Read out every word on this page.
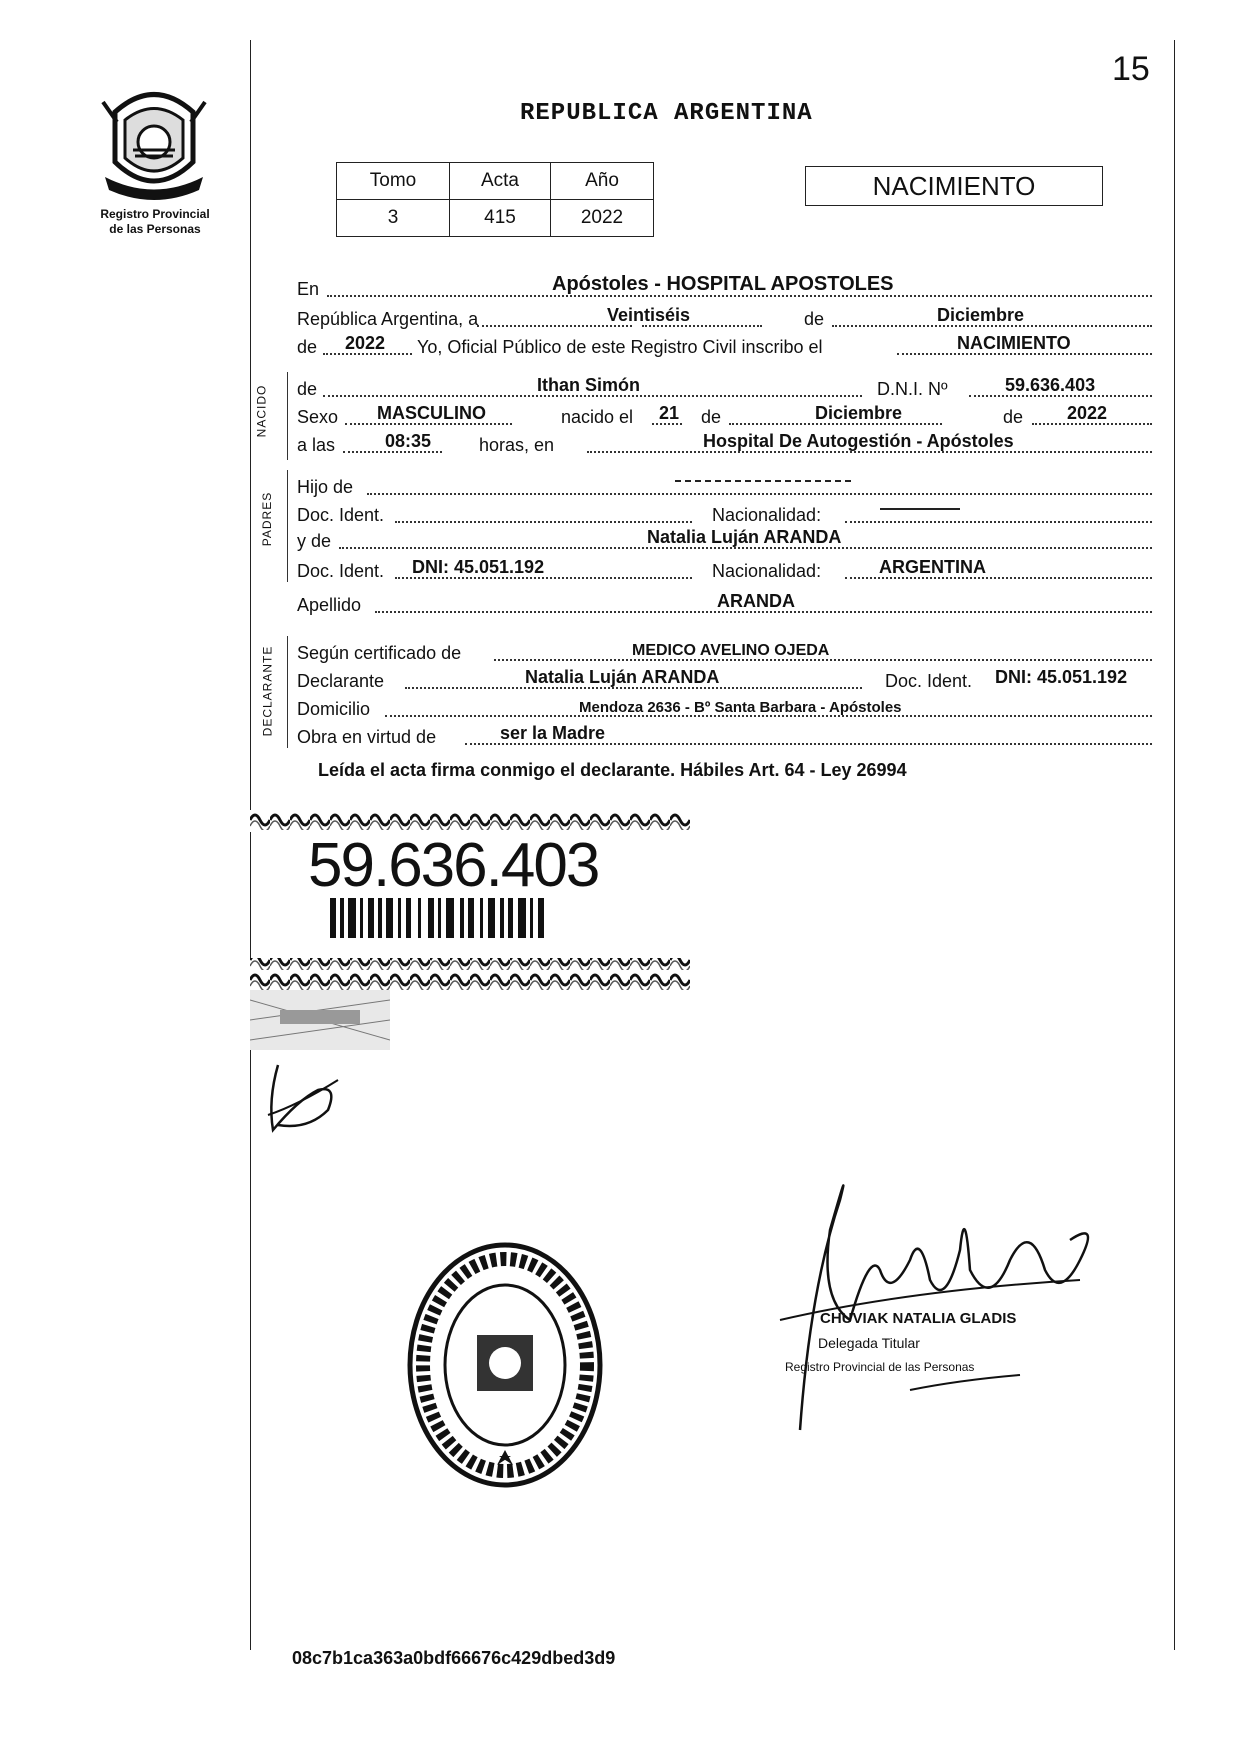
15
Registro Provincial
de las Personas
REPUBLICA ARGENTINA
Tomo	Acta	Año
3	415	2022
NACIMIENTO
En	Apóstoles - HOSPITAL APOSTOLES
República Argentina, a	Veintiséis	de	Diciembre
de 2022 Yo, Oficial Público de este Registro Civil inscribo el	NACIMIENTO
NACIDO de	Ithan Simón	D.N.I. Nº	59.636.403
Sexo MASCULINO	nacido el 21 de	Diciembre	de 2022
a las	08:35	horas, en	Hospital De Autogestión - Apóstoles
PADRES
Hijo de
Doc. Ident.	Nacionalidad:
y de	Natalia Luján ARANDA
Doc. Ident. DNI: 45.051.192	Nacionalidad:	ARGENTINA
Apellido	ARANDA
DECLARANTE Según certificado de	MEDICO AVELINO OJEDA
Declarante	Natalia Luján ARANDA	Doc. Ident. DNI: 45.051.192
Domicilio	Mendoza 2636 - Bº Santa Barbara - Apóstoles
Obra en virtud de	ser la Madre
Leída el acta firma conmigo el declarante. Hábiles Art. 64 - Ley 26994
59.636.403
CHUVIAK NATALIA GLADIS
Delegada Titular
Registro Provincial de las Personas
08c7b1ca363a0bdf66676c429dbed3d9
